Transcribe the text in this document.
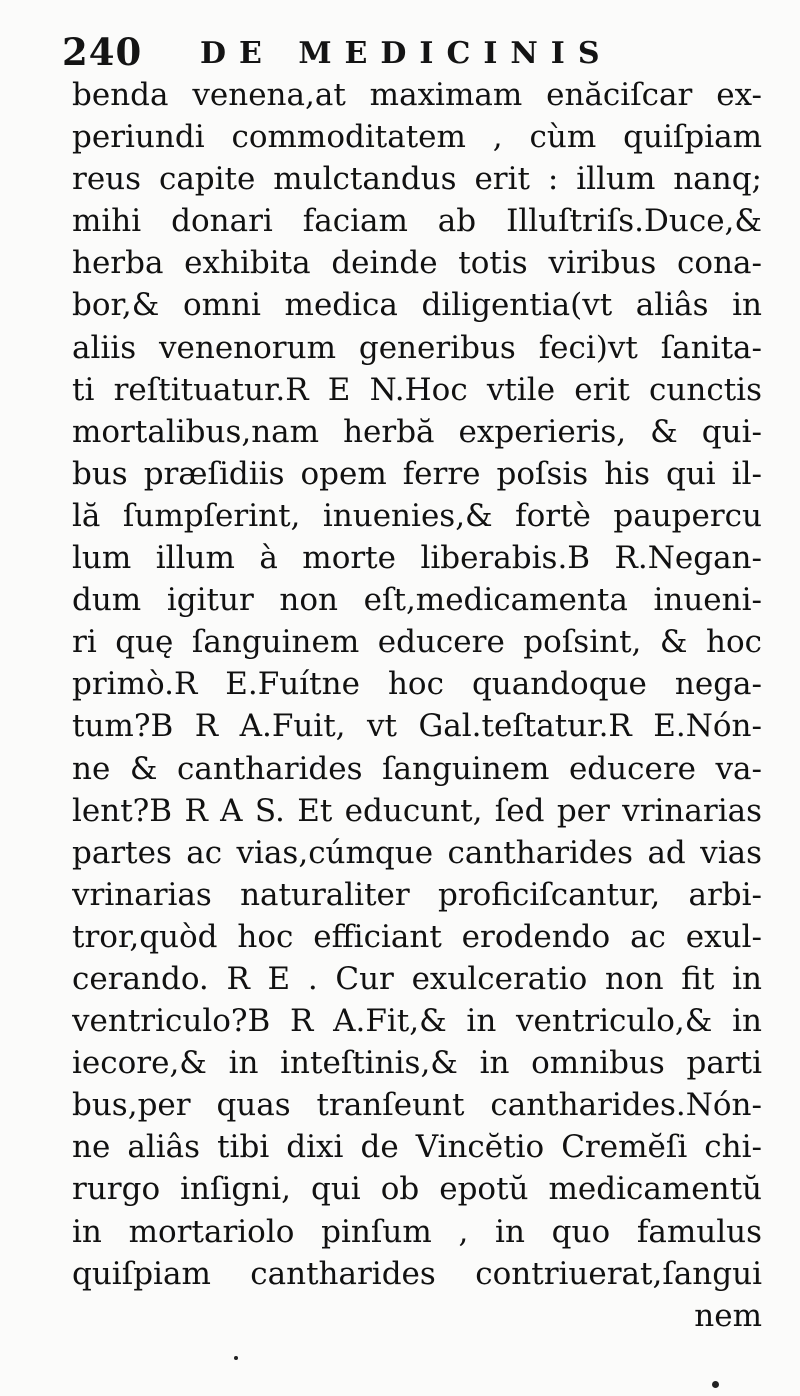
240 DE MEDICINIS
benda venena,at maximam enăciſcar ex-
periundi commoditatem , cùm quiſpiam
reus capite mulctandus erit : illum nanq;
mihi donari faciam ab Illuſtriſs.Duce,&
herba exhibita deinde totis viribus cona-
bor,& omni medica diligentia(vt aliâs in
aliis venenorum generibus feci)vt ſanita-
ti reſtituatur.R E N.Hoc vtile erit cunctis
mortalibus,nam herbă experieris, & qui-
bus præſidiis opem ferre poſsis his qui il-
lă ſumpſerint, inuenies,& fortè paupercu
lum illum à morte liberabis.B R.Negan-
dum igitur non eſt,medicamenta inueni-
ri quę ſanguinem educere poſsint, & hoc
primò.R E.Fuítne hoc quandoque nega-
tum?B R A.Fuit, vt Gal.teſtatur.R E.Nón-
ne & cantharides ſanguinem educere va-
lent?B R A S. Et educunt, ſed per vrinarias
partes ac vias,cúmque cantharides ad vias
vrinarias naturaliter proficiſcantur, arbi-
tror,quòd hoc efficiant erodendo ac exul-
cerando. R E . Cur exulceratio non fit in
ventriculo?B R A.Fit,& in ventriculo,& in
iecore,& in inteſtinis,& in omnibus parti
bus,per quas tranſeunt cantharides.Nón-
ne aliâs tibi dixi de Vincĕtio Cremĕſi chi-
rurgo inſigni, qui ob epotŭ medicamentŭ
in mortariolo pinſum , in quo famulus
quiſpiam cantharides contriuerat,ſangui
nem
